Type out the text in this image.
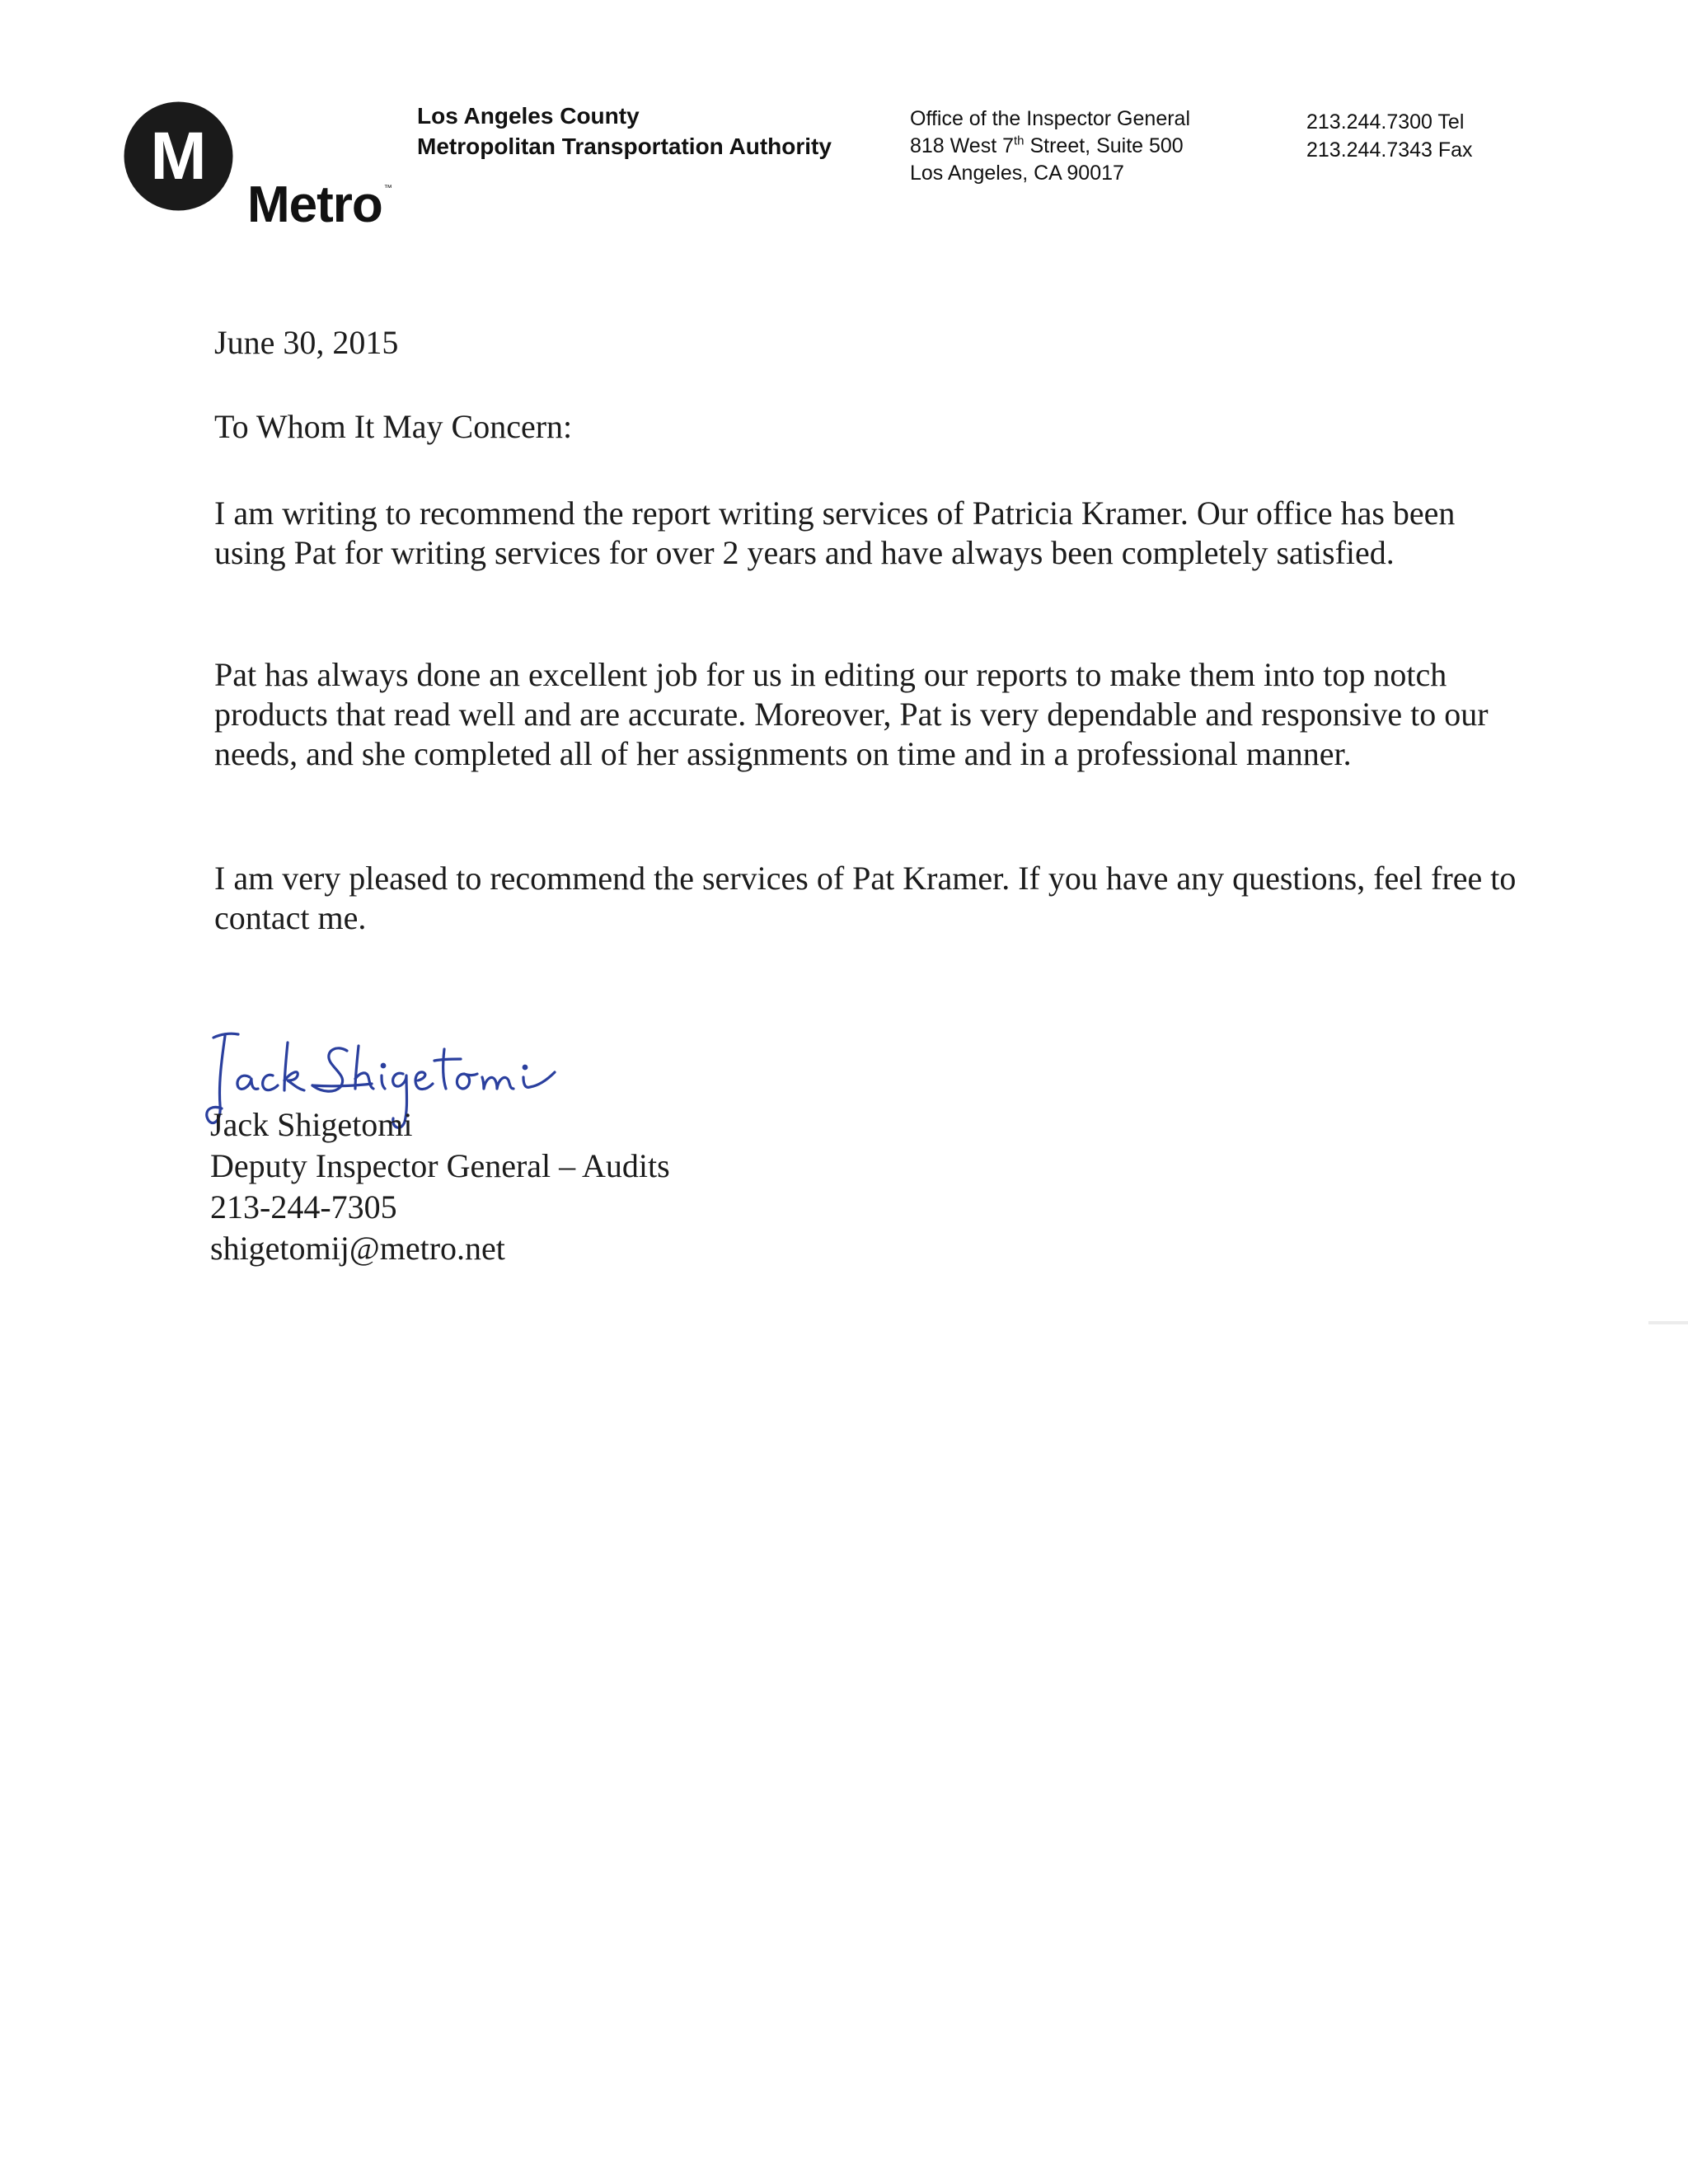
M
Metro ™
Los Angeles County
Metropolitan Transportation Authority
Office of the Inspector General
818 West 7th Street, Suite 500
Los Angeles, CA 90017
213.244.7300 Tel
213.244.7343 Fax
June 30, 2015
To Whom It May Concern:

I am writing to recommend the report writing services of Patricia Kramer. Our office has been using Pat for writing services for over 2 years and have always been completely satisfied.

Pat has always done an excellent job for us in editing our reports to make them into top notch products that read well and are accurate. Moreover, Pat is very dependable and responsive to our needs, and she completed all of her assignments on time and in a professional manner.

I am very pleased to recommend the services of Pat Kramer. If you have any questions, feel free to contact me.

Jack Shigetomi
Deputy Inspector General – Audits
213-244-7305
shigetomij@metro.net
